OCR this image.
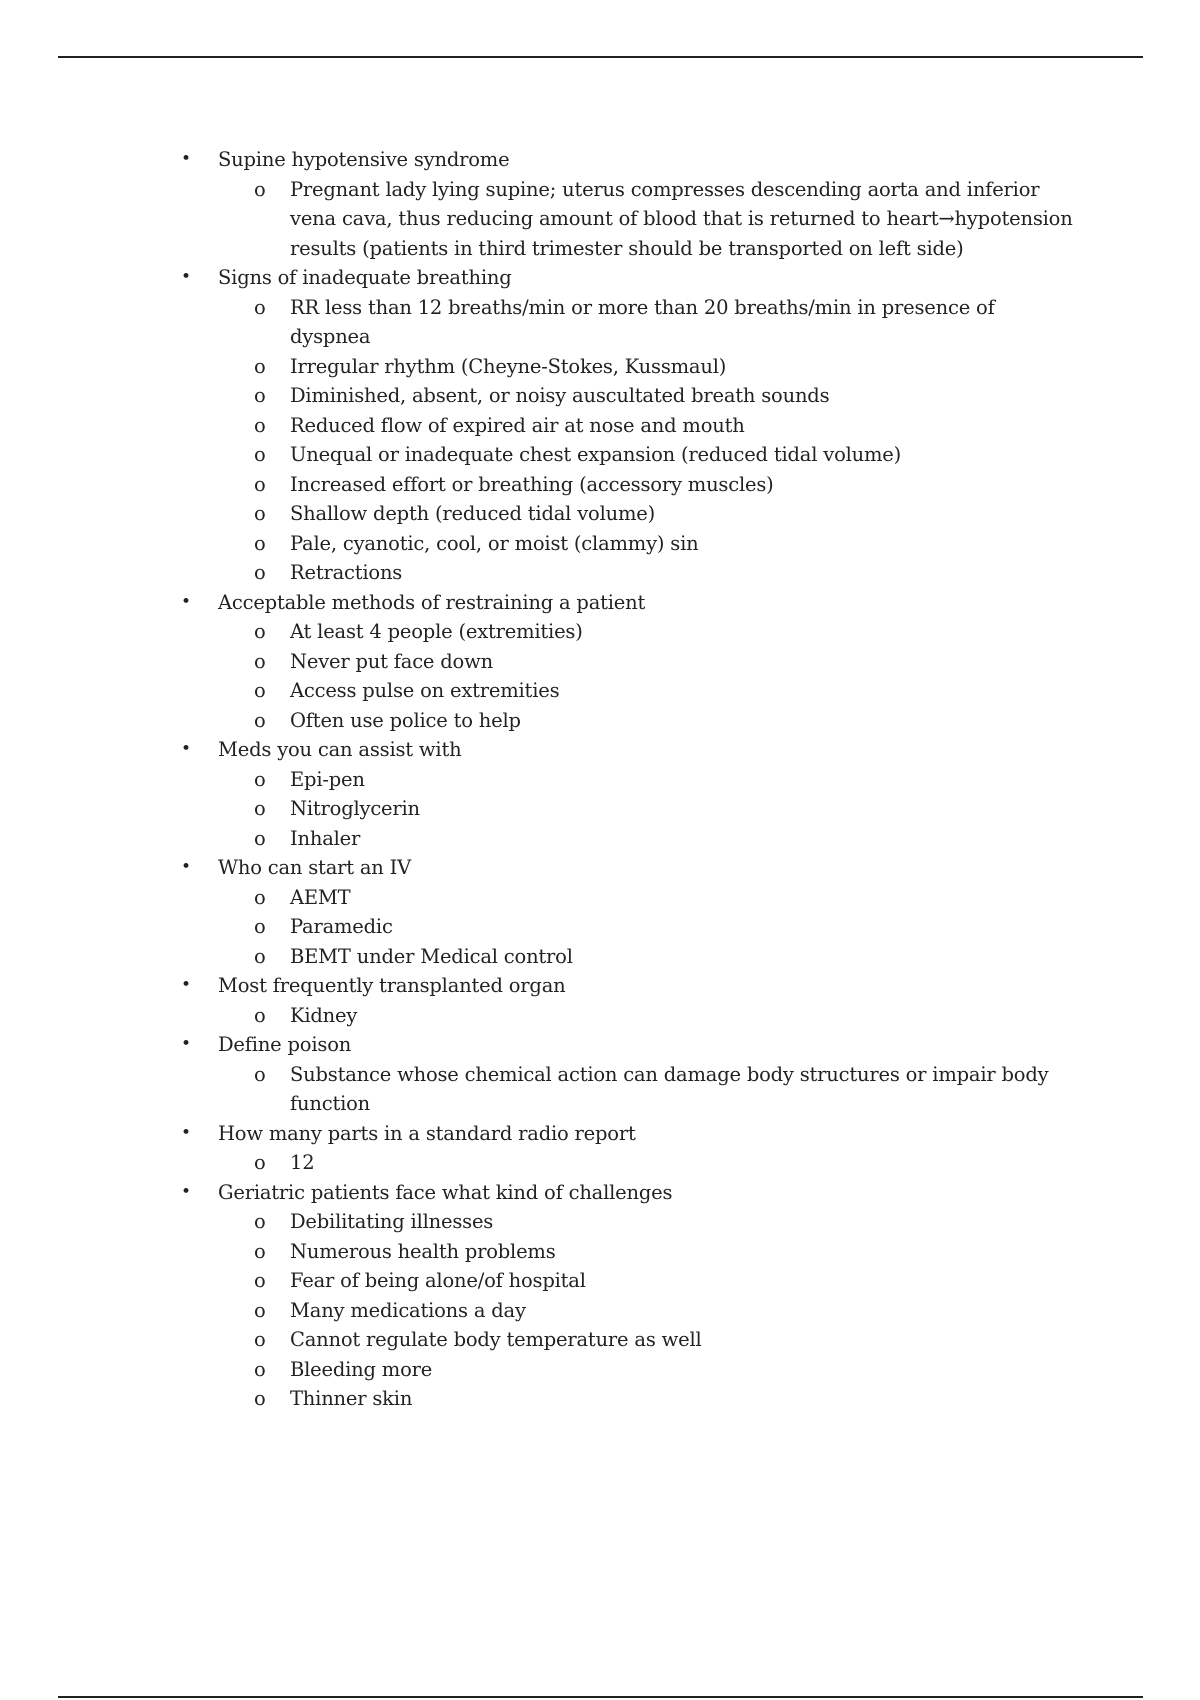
• Supine hypotensive syndrome
o Pregnant lady lying supine; uterus compresses descending aorta and inferior vena cava, thus reducing amount of blood that is returned to heart→hypotension results (patients in third trimester should be transported on left side)
• Signs of inadequate breathing
o RR less than 12 breaths/min or more than 20 breaths/min in presence of dyspnea
o Irregular rhythm (Cheyne-Stokes, Kussmaul)
o Diminished, absent, or noisy auscultated breath sounds
o Reduced flow of expired air at nose and mouth
o Unequal or inadequate chest expansion (reduced tidal volume)
o Increased effort or breathing (accessory muscles)
o Shallow depth (reduced tidal volume)
o Pale, cyanotic, cool, or moist (clammy) sin
o Retractions
• Acceptable methods of restraining a patient
o At least 4 people (extremities)
o Never put face down
o Access pulse on extremities
o Often use police to help
• Meds you can assist with
o Epi-pen
o Nitroglycerin
o Inhaler
• Who can start an IV
o AEMT
o Paramedic
o BEMT under Medical control
• Most frequently transplanted organ
o Kidney
• Define poison
o Substance whose chemical action can damage body structures or impair body function
• How many parts in a standard radio report
o 12
• Geriatric patients face what kind of challenges
o Debilitating illnesses
o Numerous health problems
o Fear of being alone/of hospital
o Many medications a day
o Cannot regulate body temperature as well
o Bleeding more
o Thinner skin
